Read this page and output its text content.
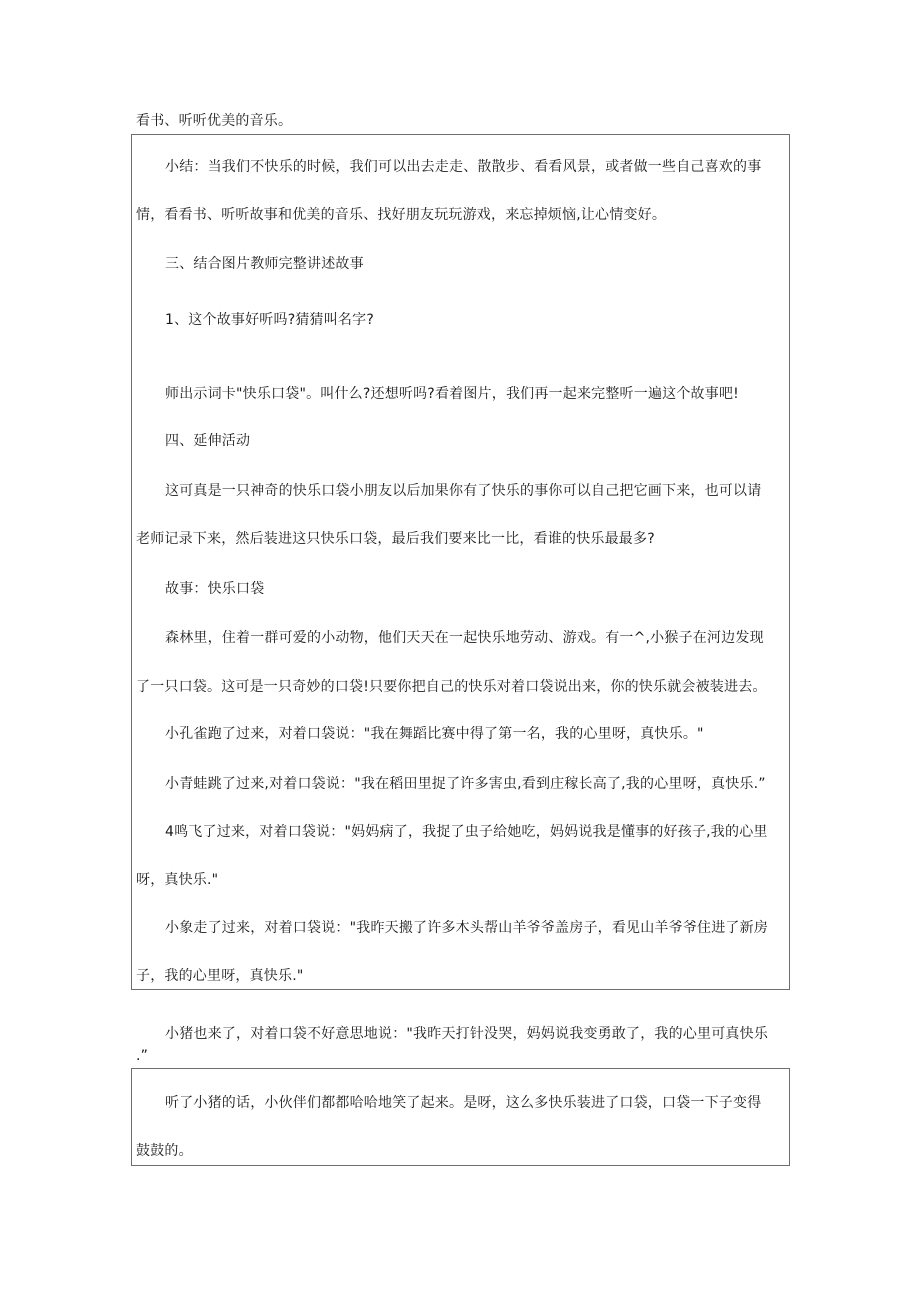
看书、听听优美的音乐。
小结：当我们不快乐的时候，我们可以出去走走、散散步、看看风景，或者做一些自己喜欢的事
情，看看书、听听故事和优美的音乐、找好朋友玩玩游戏，来忘掉烦恼,让心情变好。
三、结合图片教师完整讲述故事
1、这个故事好听吗?猜猜叫名字?
师出示词卡"快乐口袋"。叫什么?还想听吗?看着图片，我们再一起来完整听一遍这个故事吧!
四、延伸活动
这可真是一只神奇的快乐口袋小朋友以后加果你有了快乐的事你可以自己把它画下来，也可以请
老师记录下来，然后装进这只快乐口袋，最后我们要来比一比，看谁的快乐最最多?
故事：快乐口袋
森林里，住着一群可爱的小动物，他们天天在一起快乐地劳动、游戏。有一^,小猴子在河边发现
了一只口袋。这可是一只奇妙的口袋!只要你把自己的快乐对着口袋说出来，你的快乐就会被装进去。
小孔雀跑了过来，对着口袋说："我在舞蹈比赛中得了第一名，我的心里呀，真快乐。"
小青蛙跳了过来,对着口袋说："我在稻田里捉了许多害虫,看到庄稼长高了,我的心里呀，真快乐.”
4鸣飞了过来，对着口袋说："妈妈病了，我捉了虫子给她吃，妈妈说我是懂事的好孩子,我的心里
呀，真快乐."
小象走了过来，对着口袋说："我昨天搬了许多木头帮山羊爷爷盖房子，看见山羊爷爷住进了新房
子，我的心里呀，真快乐."
小猪也来了，对着口袋不好意思地说："我昨天打针没哭，妈妈说我变勇敢了，我的心里可真快乐
.”
听了小猪的话，小伙伴们都都哈哈地笑了起来。是呀，这么多快乐装进了口袋，口袋一下子变得
鼓鼓的。
